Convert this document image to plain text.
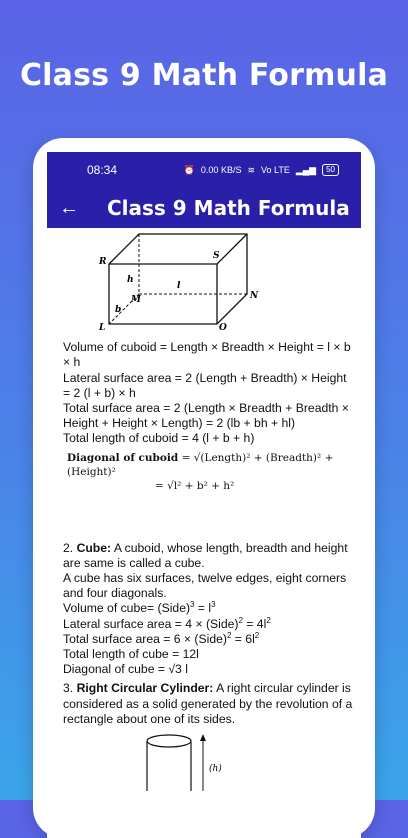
Class 9 Math Formula
08:34	⏰ 0.00 KB/S ≋ Vo LTE ▂▄▆	50
←	Class 9 Math Formula
R
S
h
l
M	N
b
L	O

Volume of cuboid = Length × Breadth × Height = l × b × h

Lateral surface area = 2 (Length + Breadth) × Height = 2 (l + b) × h

Total surface area = 2 (Length × Breadth + Breadth × Height + Height × Length) = 2 (lb + bh + hl)

Total length of cuboid = 4 (l + b + h)

Diagonal of cuboid = √(Length)² + (Breadth)² + (Height)²
= √l² + b² + h²

2. Cube: A cuboid, whose length, breadth and height are same is called a cube.

A cube has six surfaces, twelve edges, eight corners and four diagonals.

Volume of cube= (Side)$^3$ = $l^3$

Lateral surface area = 4 × (Side)$^2$ = $4l^2$

Total surface area = 6 × (Side)$^2$ = $6l^2$

Total length of cube = 12l

Diagonal of cube = √3 l

3. Right Circular Cylinder: A right circular cylinder is considered as a solid generated by the revolution of a rectangle about one of its sides.

(h)
